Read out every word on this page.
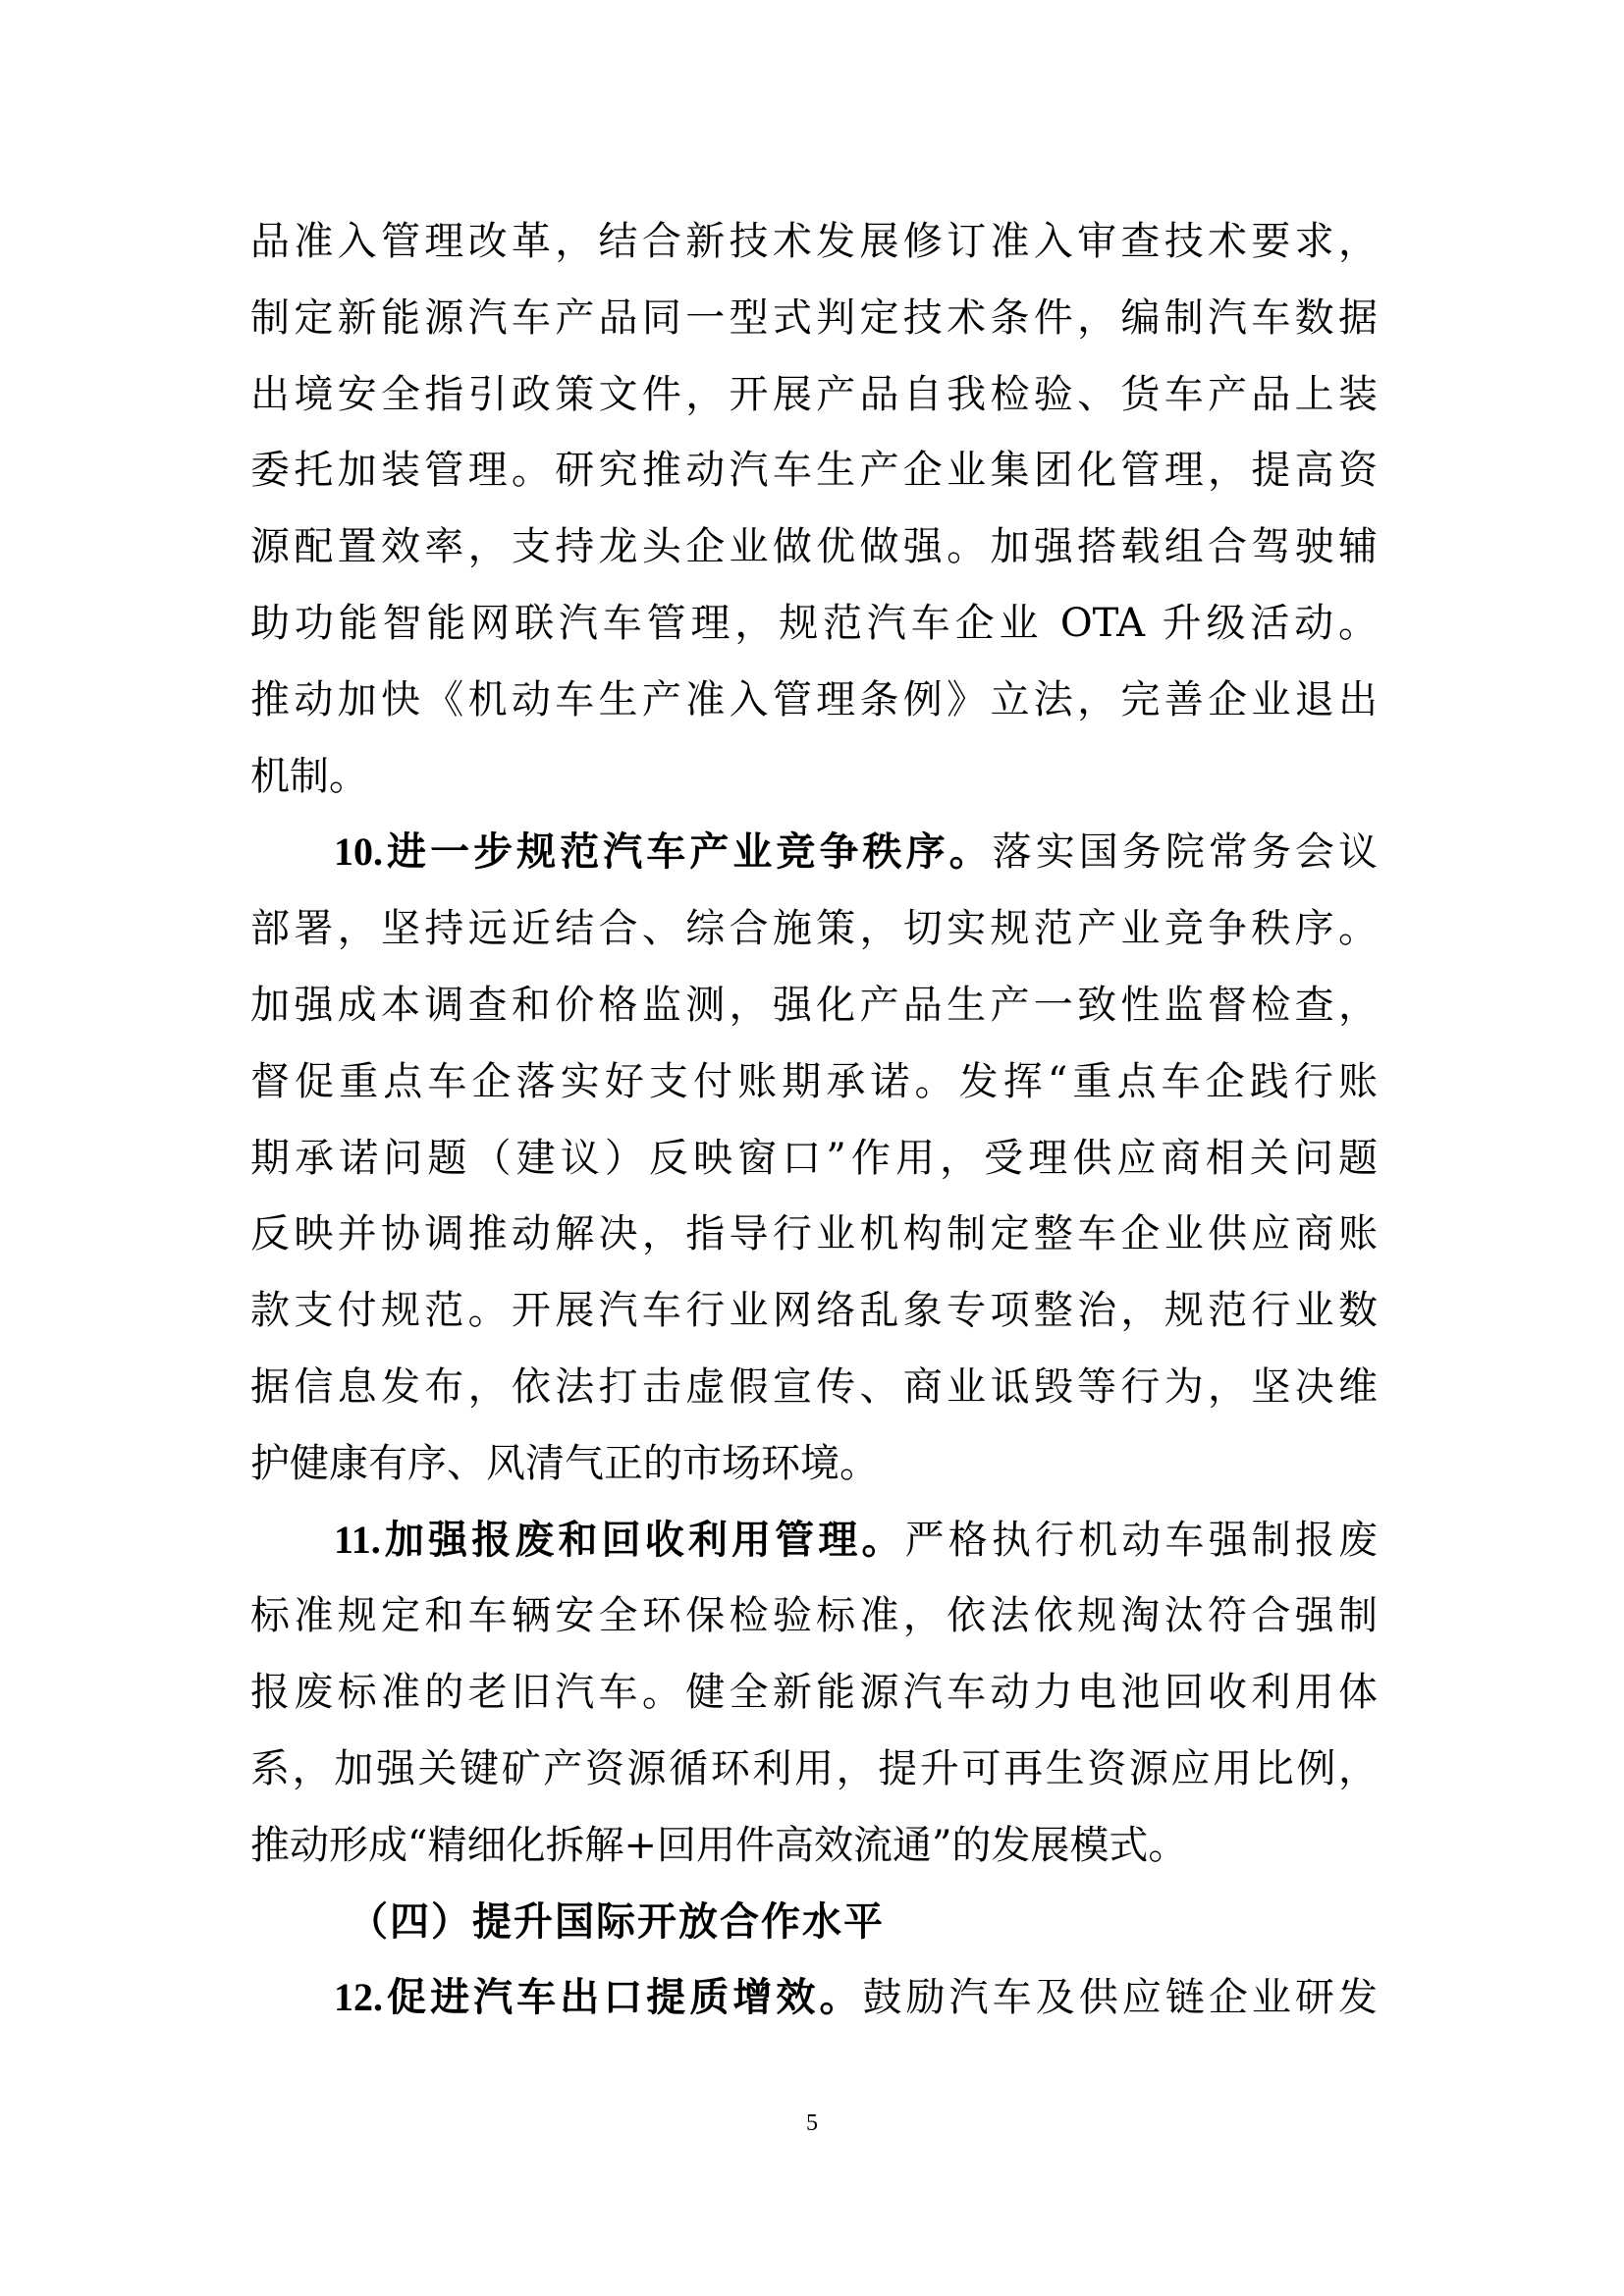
品准入管理改革，结合新技术发展修订准入审查技术要求，
制定新能源汽车产品同一型式判定技术条件，编制汽车数据
出境安全指引政策文件，开展产品自我检验、货车产品上装
委托加装管理。研究推动汽车生产企业集团化管理，提高资
源配置效率，支持龙头企业做优做强。加强搭载组合驾驶辅
助功能智能网联汽车管理，规范汽车企业 OTA 升级活动。
推动加快《机动车生产准入管理条例》立法，完善企业退出
机制。
10.进一步规范汽车产业竞争秩序。落实国务院常务会议
部署，坚持远近结合、综合施策，切实规范产业竞争秩序。
加强成本调查和价格监测，强化产品生产一致性监督检查，
督促重点车企落实好支付账期承诺。发挥“重点车企践行账
期承诺问题（建议）反映窗口”作用，受理供应商相关问题
反映并协调推动解决，指导行业机构制定整车企业供应商账
款支付规范。开展汽车行业网络乱象专项整治，规范行业数
据信息发布，依法打击虚假宣传、商业诋毁等行为，坚决维
护健康有序、风清气正的市场环境。
11.加强报废和回收利用管理。严格执行机动车强制报废
标准规定和车辆安全环保检验标准，依法依规淘汰符合强制
报废标准的老旧汽车。健全新能源汽车动力电池回收利用体
系，加强关键矿产资源循环利用，提升可再生资源应用比例，
推动形成“精细化拆解+回用件高效流通”的发展模式。
（四）提升国际开放合作水平
12.促进汽车出口提质增效。鼓励汽车及供应链企业研发
5
